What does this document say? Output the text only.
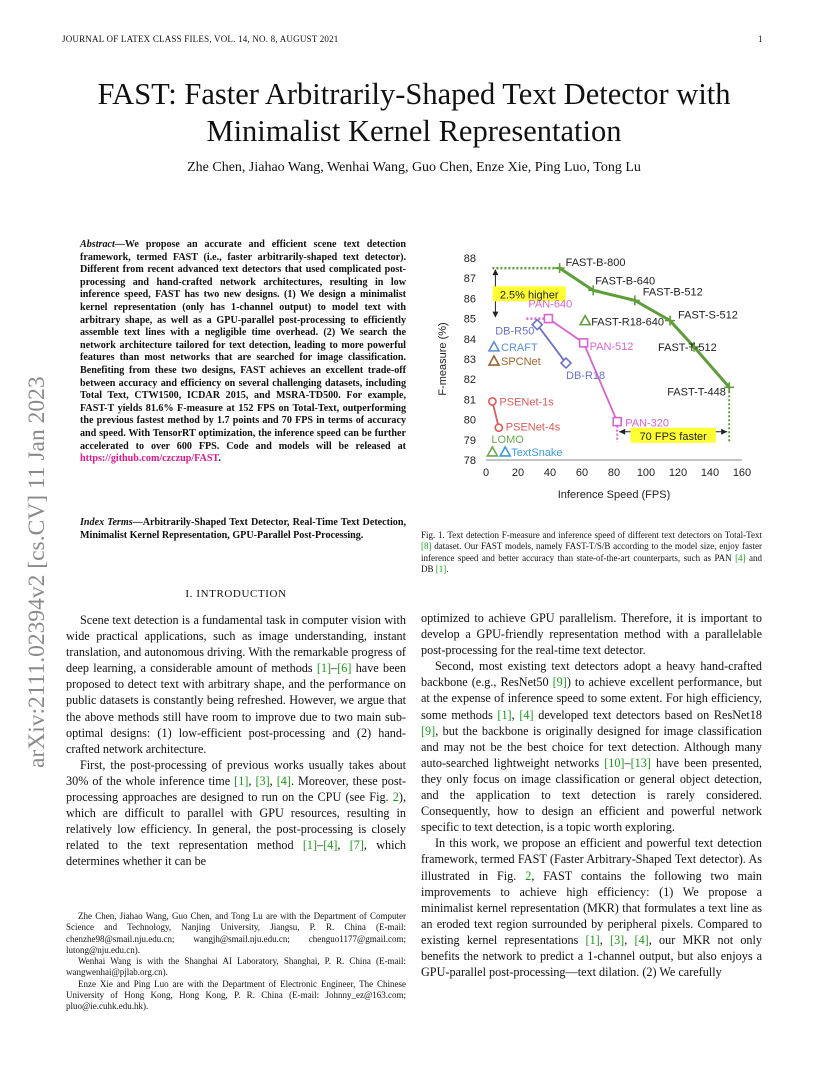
JOURNAL OF LATEX CLASS FILES, VOL. 14, NO. 8, AUGUST 2021	1
arXiv:2111.02394v2 [cs.CV] 11 Jan 2023
FAST: Faster Arbitrarily-Shaped Text Detector with Minimalist Kernel Representation
Zhe Chen, Jiahao Wang, Wenhai Wang, Guo Chen, Enze Xie, Ping Luo, Tong Lu
Abstract—We propose an accurate and efficient scene text detection framework, termed FAST (i.e., faster arbitrarily-shaped text detector). Different from recent advanced text detectors that used complicated post-processing and hand-crafted network architectures, resulting in low inference speed, FAST has two new designs. (1) We design a minimalist kernel representation (only has 1-channel output) to model text with arbitrary shape, as well as a GPU-parallel post-processing to efficiently assemble text lines with a negligible time overhead. (2) We search the network architecture tailored for text detection, leading to more powerful features than most networks that are searched for image classification. Benefiting from these two designs, FAST achieves an excellent trade-off between accuracy and efficiency on several challenging datasets, including Total Text, CTW1500, ICDAR 2015, and MSRA-TD500. For example, FAST-T yields 81.6% F-measure at 152 FPS on Total-Text, outperforming the previous fastest method by 1.7 points and 70 FPS in terms of accuracy and speed. With TensorRT optimization, the inference speed can be further accelerated to over 600 FPS. Code and models will be released at https://github.com/czczup/FAST.
Index Terms—Arbitrarily-Shaped Text Detector, Real-Time Text Detection, Minimalist Kernel Representation, GPU-Parallel Post-Processing.
I. INTRODUCTION

Scene text detection is a fundamental task in computer vision with wide practical applications, such as image understanding, instant translation, and autonomous driving. With the remarkable progress of deep learning, a considerable amount of methods [1]–[6] have been proposed to detect text with arbitrary shape, and the performance on public datasets is constantly being refreshed. However, we argue that the above methods still have room to improve due to two main sub-optimal designs: (1) low-efficient post-processing and (2) hand-crafted network architecture.

First, the post-processing of previous works usually takes about 30% of the whole inference time [1], [3], [4]. Moreover, these post-processing approaches are designed to run on the CPU (see Fig. 2), which are difficult to parallel with GPU resources, resulting in relatively low efficiency. In general, the post-processing is closely related to the text representation method [1]–[4], [7], which determines whether it can be

Zhe Chen, Jiahao Wang, Guo Chen, and Tong Lu are with the Department of Computer Science and Technology, Nanjing University, Jiangsu, P. R. China (E-mail: chenzhe98@smail.nju.edu.cn; wangjh@smail.nju.edu.cn; chenguo1177@gmail.com; lutong@nju.edu.cn).

Wenhai Wang is with the Shanghai AI Laboratory, Shanghai, P. R. China (E-mail: wangwenhai@pjlab.org.cn).

Enze Xie and Ping Luo are with the Department of Electronic Engineer, The Chinese University of Hong Kong, Hong Kong, P. R. China (E-mail: Johnny_ez@163.com; pluo@ie.cuhk.edu.hk).

0 20 40 60 80 100 120 140 160
78
79
80
81
82
83
84
85
86
87
88
Inference Speed (FPS)
F-measure (%)
2.5% higher
70 FPS faster
FAST-B-800
FAST-B-640
FAST-B-512
FAST-S-512
FAST-T-512
FAST-T-448
PAN-640
PAN-512
PAN-320
DB-R50
DB-R18
FAST-R18-640
PSENet-1s
PSENet-4s
CRAFT
SPCNet
LOMO
TextSnake
Fig. 1. Text detection F-measure and inference speed of different text detectors on Total-Text [8] dataset. Our FAST models, namely FAST-T/S/B according to the model size, enjoy faster inference speed and better accuracy than state-of-the-art counterparts, such as PAN [4] and DB [1].

optimized to achieve GPU parallelism. Therefore, it is important to develop a GPU-friendly representation method with a parallelable post-processing for the real-time text detector.

Second, most existing text detectors adopt a heavy hand-crafted backbone (e.g., ResNet50 [9]) to achieve excellent performance, but at the expense of inference speed to some extent. For high efficiency, some methods [1], [4] developed text detectors based on ResNet18 [9], but the backbone is originally designed for image classification and may not be the best choice for text detection. Although many auto-searched lightweight networks [10]–[13] have been presented, they only focus on image classification or general object detection, and the application to text detection is rarely considered. Consequently, how to design an efficient and powerful network specific to text detection, is a topic worth exploring.

In this work, we propose an efficient and powerful text detection framework, termed FAST (Faster Arbitrary-Shaped Text detector). As illustrated in Fig. 2, FAST contains the following two main improvements to achieve high efficiency: (1) We propose a minimalist kernel representation (MKR) that formulates a text line as an eroded text region surrounded by peripheral pixels. Compared to existing kernel representations [1], [3], [4], our MKR not only benefits the network to predict a 1-channel output, but also enjoys a GPU-parallel post-processing—text dilation. (2) We carefully
